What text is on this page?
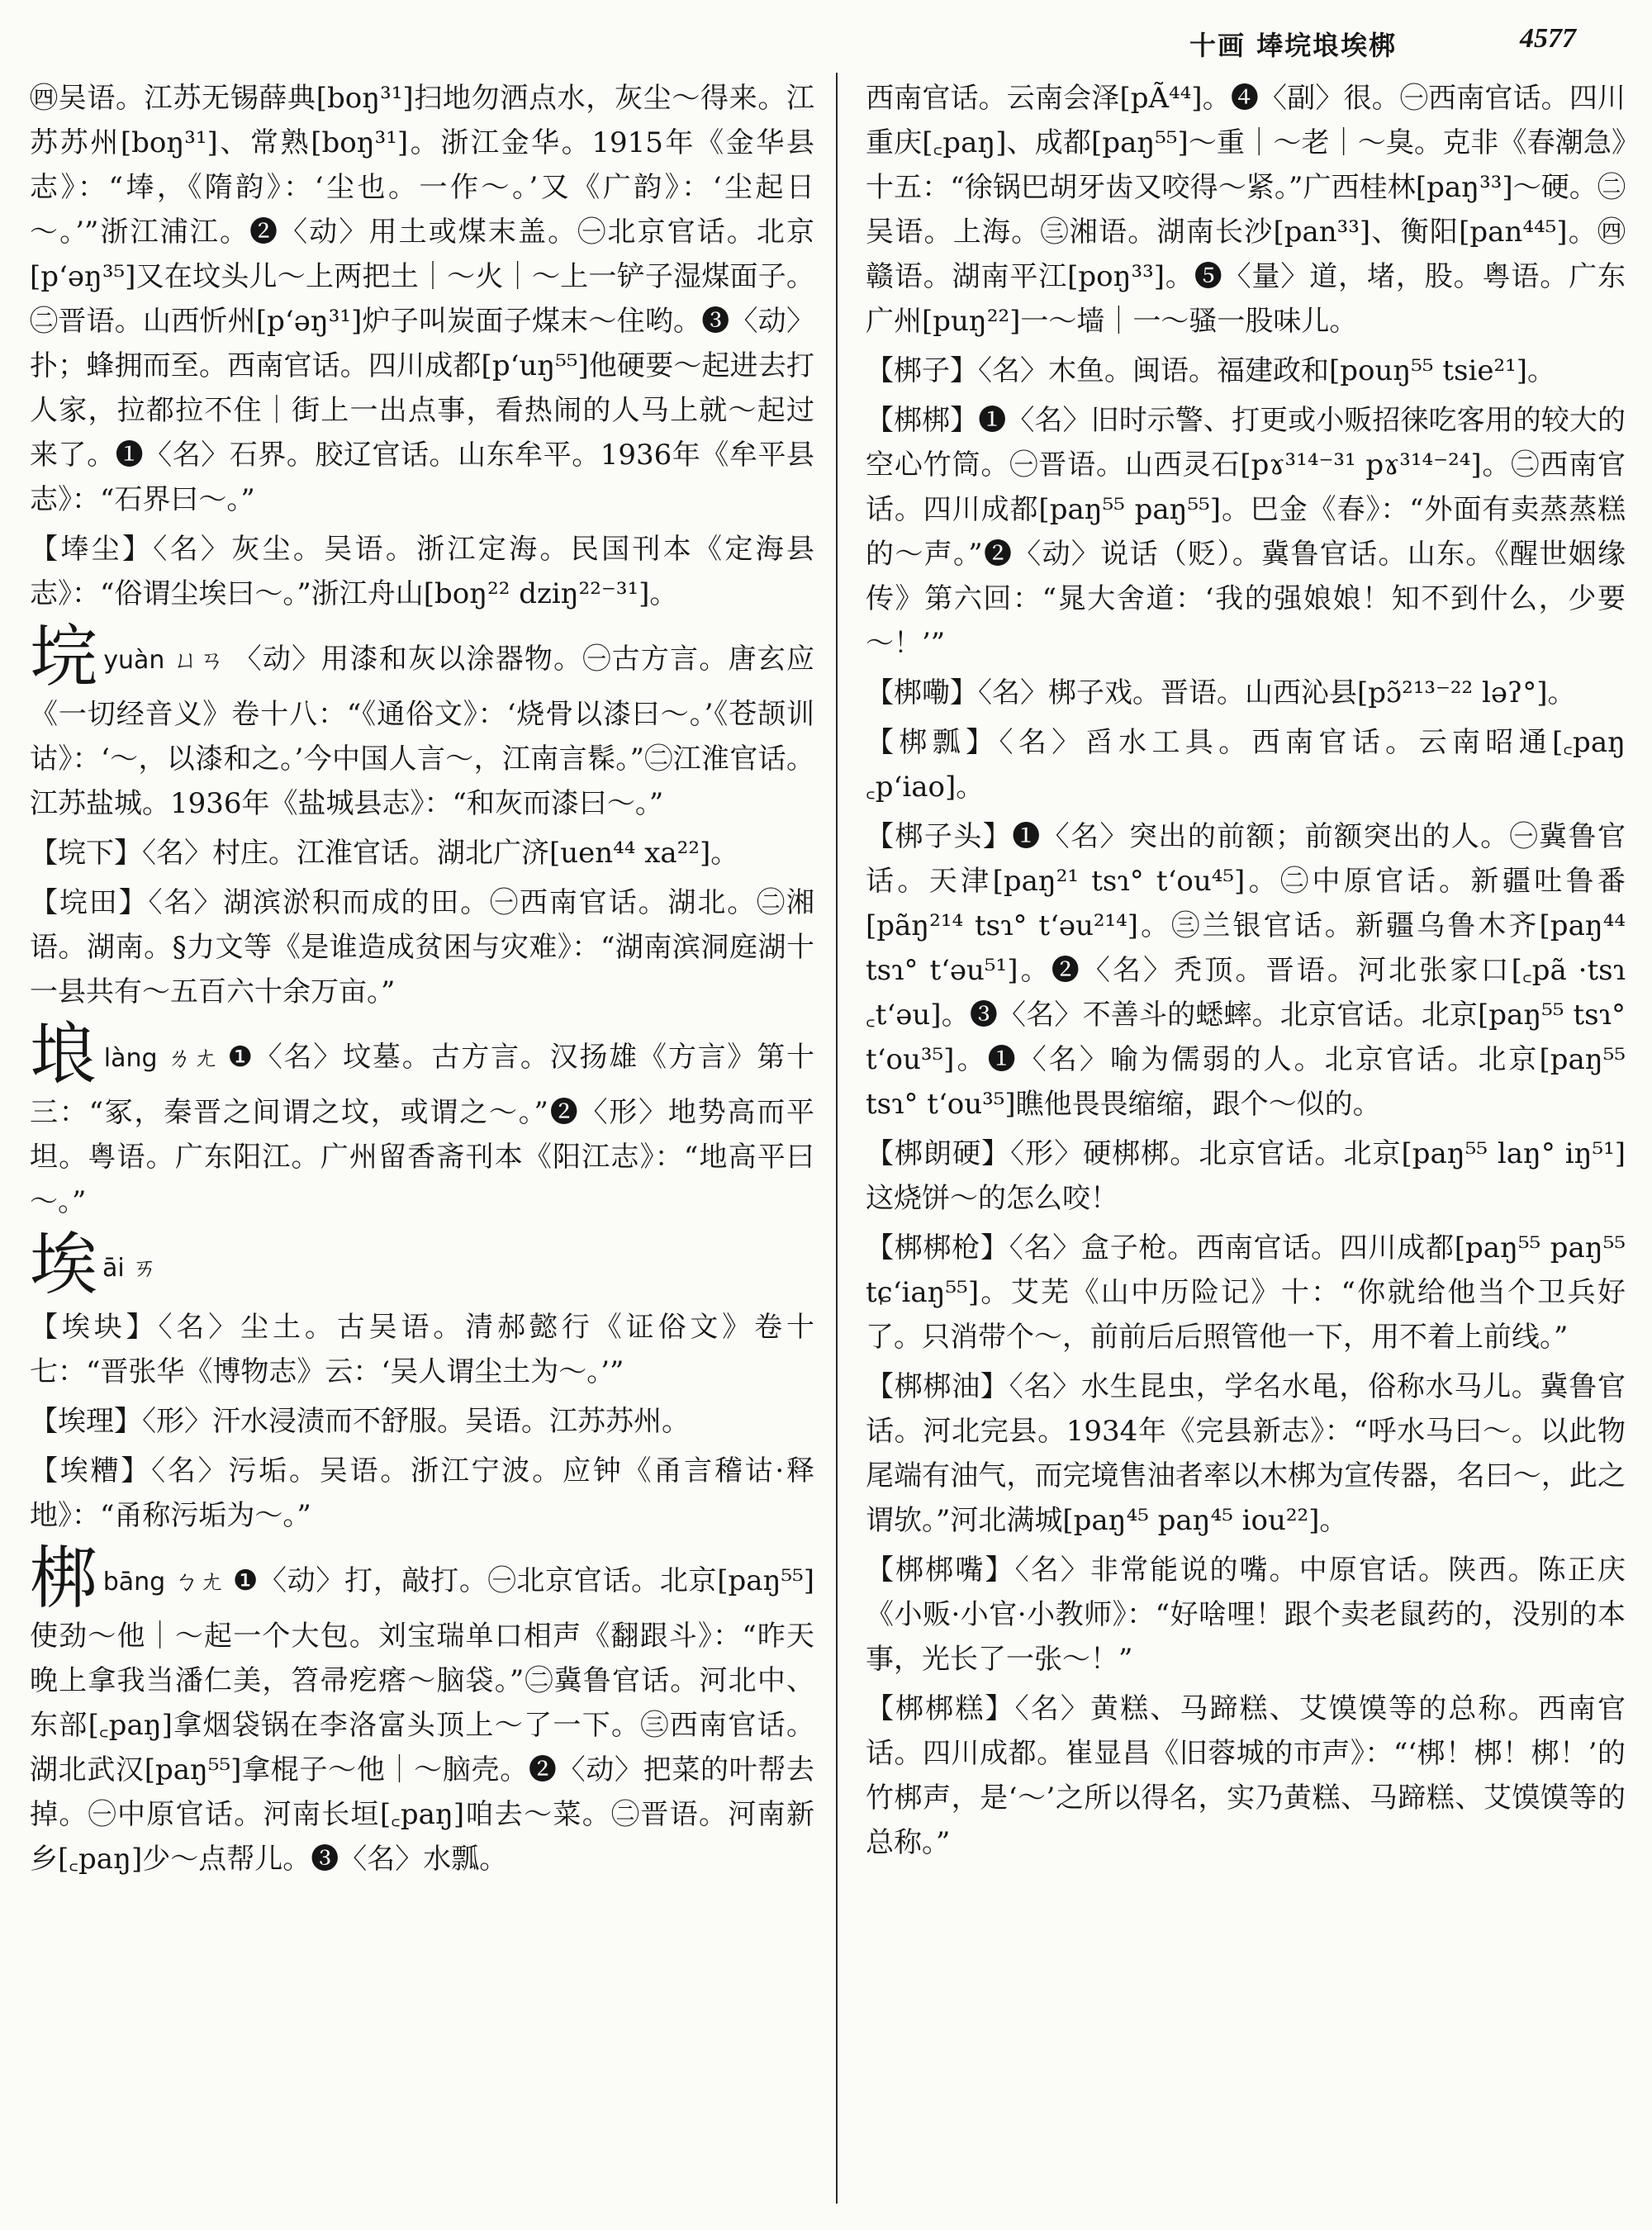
十画 埲垸埌埃梆	4577

㊃吴语。江苏无锡薛典[boŋ³¹]扫地勿洒点水，灰尘～得来。江苏苏州[boŋ³¹]、常熟[boŋ³¹]。浙江金华。1915年《金华县志》：“埲，《隋韵》：‘尘也。一作～。’又《广韵》：‘尘起日～。’”浙江浦江。❷〈动〉用土或煤末盖。㊀北京官话。北京[pʻəŋ³⁵]又在坟头儿～上两把土｜～火｜～上一铲子湿煤面子。㊁晋语。山西忻州[pʻəŋ³¹]炉子叫炭面子煤末～住哟。❸〈动〉扑；蜂拥而至。西南官话。四川成都[pʻuŋ⁵⁵]他硬要～起进去打人家，拉都拉不住｜街上一出点事，看热闹的人马上就～起过来了。❶〈名〉石界。胶辽官话。山东牟平。1936年《牟平县志》：“石界曰～。”

【埲尘】〈名〉灰尘。吴语。浙江定海。民国刊本《定海县志》：“俗谓尘埃曰～。”浙江舟山[boŋ²² dziŋ²²⁻³¹]。

垸yuàn ㄩㄢ 〈动〉用漆和灰以涂器物。㊀古方言。唐玄应《一切经音义》卷十八：“《通俗文》：‘烧骨以漆曰～。’《苍颉训诂》：‘～，以漆和之。’今中国人言～，江南言髹。”㊁江淮官话。江苏盐城。1936年《盐城县志》：“和灰而漆曰～。”

【垸下】〈名〉村庄。江淮官话。湖北广济[uen⁴⁴ xa²²]。

【垸田】〈名〉湖滨淤积而成的田。㊀西南官话。湖北。㊁湘语。湖南。§力文等《是谁造成贫困与灾难》：“湖南滨洞庭湖十一县共有～五百六十余万亩。”

埌làng ㄌㄤ ❶〈名〉坟墓。古方言。汉扬雄《方言》第十三：“冢，秦晋之间谓之坟，或谓之～。”❷〈形〉地势高而平坦。粤语。广东阳江。广州留香斋刊本《阳江志》：“地高平曰～。”

埃āi ㄞ

【埃块】〈名〉尘土。古吴语。清郝懿行《证俗文》卷十七：“晋张华《博物志》云：‘吴人谓尘土为～。’”

【埃理】〈形〉汗水浸渍而不舒服。吴语。江苏苏州。

【埃糟】〈名〉污垢。吴语。浙江宁波。应钟《甬言稽诂·释地》：“甬称污垢为～。”

梆bāng ㄅㄤ ❶〈动〉打，敲打。㊀北京官话。北京[paŋ⁵⁵]使劲～他｜～起一个大包。刘宝瑞单口相声《翻跟斗》：“昨天晚上拿我当潘仁美，笤帚疙瘩～脑袋。”㊁冀鲁官话。河北中、东部[꜀paŋ]拿烟袋锅在李洛富头顶上～了一下。㊂西南官话。湖北武汉[paŋ⁵⁵]拿棍子～他｜～脑壳。❷〈动〉把菜的叶帮去掉。㊀中原官话。河南长垣[꜀paŋ]咱去～菜。㊁晋语。河南新乡[꜀paŋ]少～点帮儿。❸〈名〉水瓢。

西南官话。云南会泽[pÃ⁴⁴]。❹〈副〉很。㊀西南官话。四川重庆[꜀paŋ]、成都[paŋ⁵⁵]～重｜～老｜～臭。克非《春潮急》十五：“徐锅巴胡牙齿又咬得～紧。”广西桂林[paŋ³³]～硬。㊁吴语。上海。㊂湘语。湖南长沙[pan³³]、衡阳[pan⁴⁴⁵]。㊃赣语。湖南平江[poŋ³³]。❺〈量〉道，堵，股。粤语。广东广州[puŋ²²]一～墙｜一～骚一股味儿。

【梆子】〈名〉木鱼。闽语。福建政和[pouŋ⁵⁵ tsie²¹]。

【梆梆】❶〈名〉旧时示警、打更或小贩招徕吃客用的较大的空心竹筒。㊀晋语。山西灵石[pɤ³¹⁴⁻³¹ pɤ³¹⁴⁻²⁴]。㊁西南官话。四川成都[paŋ⁵⁵ paŋ⁵⁵]。巴金《春》：“外面有卖蒸蒸糕的～声。”❷〈动〉说话（贬）。冀鲁官话。山东。《醒世姻缘传》第六回：“晁大舍道：‘我的强娘娘！知不到什么，少要～！’”

【梆嘞】〈名〉梆子戏。晋语。山西沁县[pɔ̃²¹³⁻²² ləʔ°]。

【梆瓢】〈名〉舀水工具。西南官话。云南昭通[꜀paŋ ꜀pʻiao]。

【梆子头】❶〈名〉突出的前额；前额突出的人。㊀冀鲁官话。天津[paŋ²¹ tsɿ° tʻou⁴⁵]。㊁中原官话。新疆吐鲁番[pãŋ²¹⁴ tsɿ° tʻəu²¹⁴]。㊂兰银官话。新疆乌鲁木齐[paŋ⁴⁴ tsɿ° tʻəu⁵¹]。❷〈名〉秃顶。晋语。河北张家口[꜀pã ·tsɿ ꜀tʻəu]。❸〈名〉不善斗的蟋蟀。北京官话。北京[paŋ⁵⁵ tsɿ° tʻou³⁵]。❶〈名〉喻为儒弱的人。北京官话。北京[paŋ⁵⁵ tsɿ° tʻou³⁵]瞧他畏畏缩缩，跟个～似的。

【梆朗硬】〈形〉硬梆梆。北京官话。北京[paŋ⁵⁵ laŋ° iŋ⁵¹]这烧饼～的怎么咬！

【梆梆枪】〈名〉盒子枪。西南官话。四川成都[paŋ⁵⁵ paŋ⁵⁵ tɕʻiaŋ⁵⁵]。艾芜《山中历险记》十：“你就给他当个卫兵好了。只消带个～，前前后后照管他一下，用不着上前线。”

【梆梆油】〈名〉水生昆虫，学名水黾，俗称水马儿。冀鲁官话。河北完县。1934年《完县新志》：“呼水马曰～。以此物尾端有油气，而完境售油者率以木梆为宣传器，名曰～，此之谓欤。”河北满城[paŋ⁴⁵ paŋ⁴⁵ iou²²]。

【梆梆嘴】〈名〉非常能说的嘴。中原官话。陕西。陈正庆《小贩·小官·小教师》：“好啥哩！跟个卖老鼠药的，没别的本事，光长了一张～！”

【梆梆糕】〈名〉黄糕、马蹄糕、艾馍馍等的总称。西南官话。四川成都。崔显昌《旧蓉城的市声》：“‘梆！梆！梆！’的竹梆声，是‘～’之所以得名，实乃黄糕、马蹄糕、艾馍馍等的总称。”
